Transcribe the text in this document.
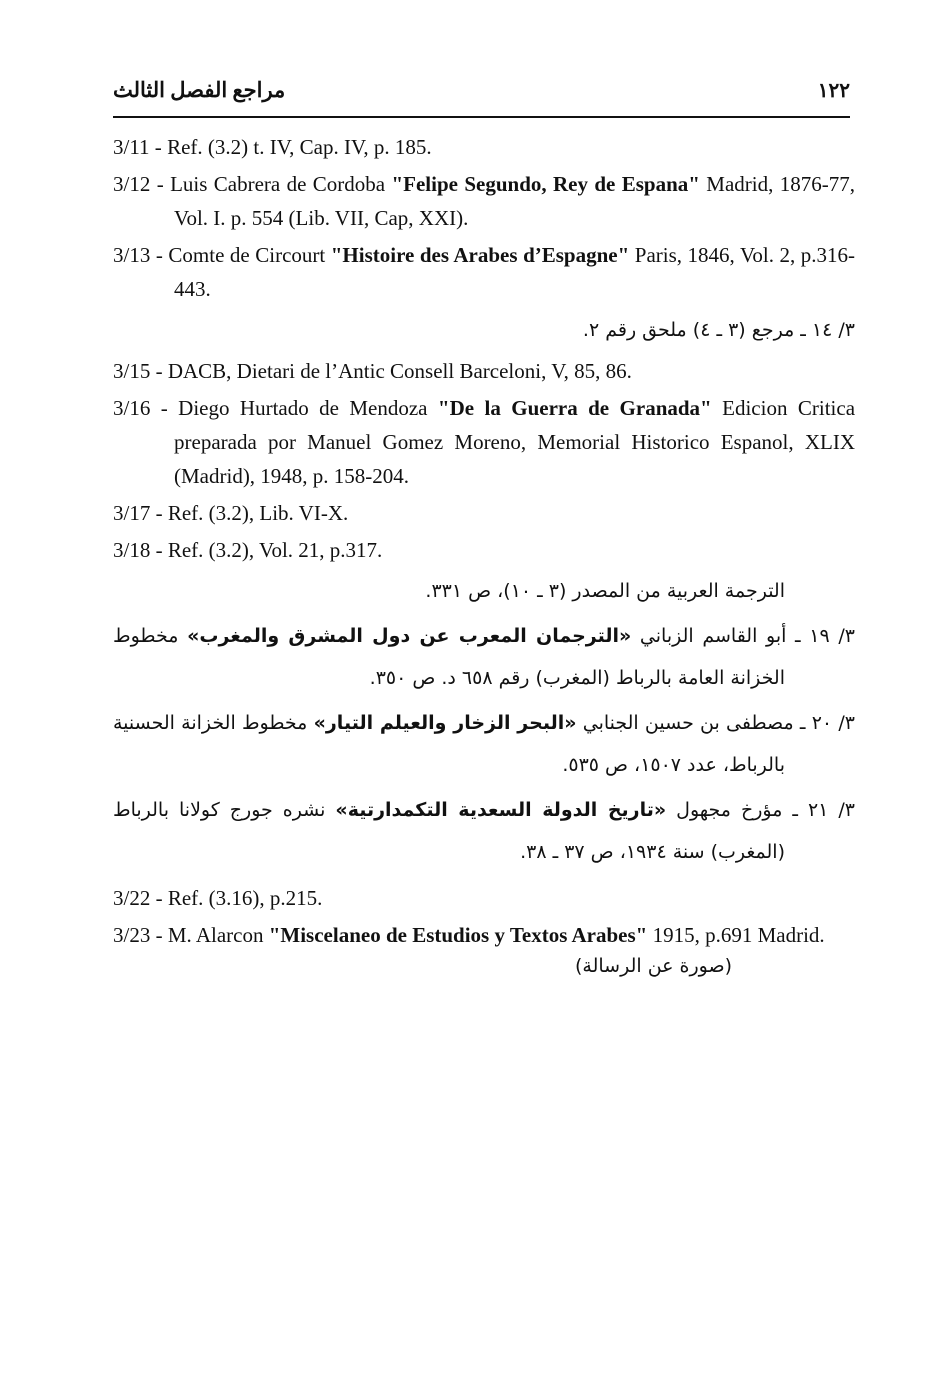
مراجع الفصل الثالث	١٢٢

3/11 - Ref. (3.2) t. IV, Cap. IV, p. 185.

3/12 - Luis Cabrera de Cordoba "Felipe Segundo, Rey de Espana" Madrid, 1876-77, Vol. I. p. 554 (Lib. VII, Cap, XXI).

3/13 - Comte de Circourt "Histoire des Arabes d’Espagne" Paris, 1846, Vol. 2, p.316-443.

٣/ ١٤ ـ مرجع (٣ ـ ٤) ملحق رقم ٢.

3/15 - DACB, Dietari de l’Antic Consell Barceloni, V, 85, 86.

3/16 - Diego Hurtado de Mendoza "De la Guerra de Granada" Edicion Critica preparada por Manuel Gomez Moreno, Memorial Historico Espanol, XLIX (Madrid), 1948, p. 158-204.

3/17 - Ref. (3.2), Lib. VI-X.

3/18 - Ref. (3.2), Vol. 21, p.317.

الترجمة العربية من المصدر (٣ ـ ١٠)، ص ٣٣١.

٣/ ١٩ ـ أبو القاسم الزباني «الترجمان المعرب عن دول المشرق والمغرب» مخطوط الخزانة العامة بالرباط (المغرب) رقم ٦٥٨ د. ص ٣٥٠.

٣/ ٢٠ ـ مصطفى بن حسين الجنابي «البحر الزخار والعيلم التيار» مخطوط الخزانة الحسنية بالرباط، عدد ١٥٠٧، ص ٥٣٥.

٣/ ٢١ ـ مؤرخ مجهول «تاريخ الدولة السعدية التكمدارتية» نشره جورج كولانا بالرباط (المغرب) سنة ١٩٣٤، ص ٣٧ ـ ٣٨.

3/22 - Ref. (3.16), p.215.

3/23 - M. Alarcon "Miscelaneo de Estudios y Textos Arabes" 1915, p.691 Madrid.

(صورة عن الرسالة)
